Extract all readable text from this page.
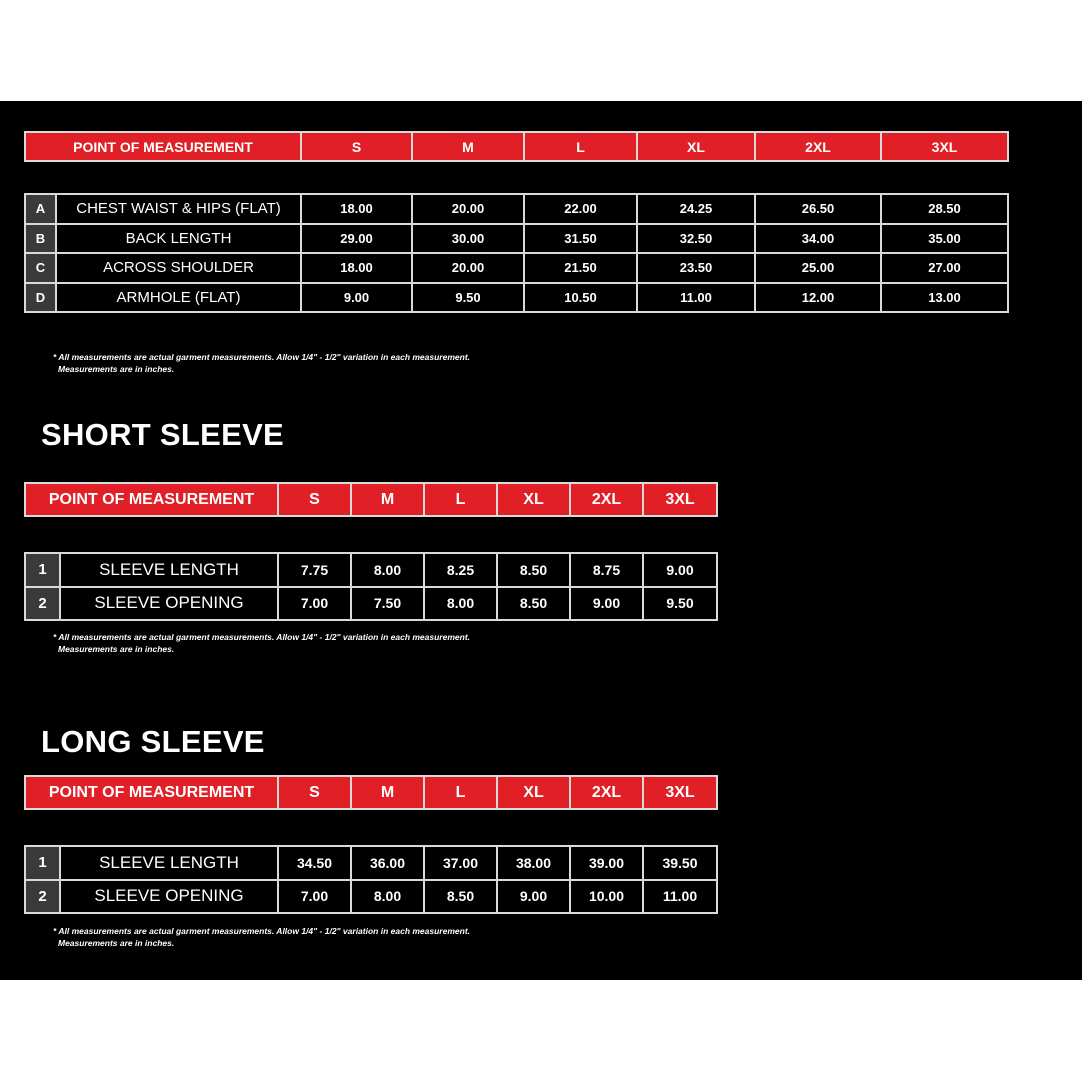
POINT OF MEASUREMENT	S	M	L	XL	2XL	3XL
A	CHEST WAIST & HIPS (FLAT)	18.00	20.00	22.00	24.25	26.50	28.50
B	BACK LENGTH	29.00	30.00	31.50	32.50	34.00	35.00
C	ACROSS SHOULDER	18.00	20.00	21.50	23.50	25.00	27.00
D	ARMHOLE (FLAT)	9.00	9.50	10.50	11.00	12.00	13.00
* All measurements are actual garment measurements. Allow 1/4" - 1/2" variation in each measurement.
Measurements are in inches.
SHORT SLEEVE
POINT OF MEASUREMENT	S	M	L	XL	2XL	3XL
1	SLEEVE LENGTH	7.75	8.00	8.25	8.50	8.75	9.00
2	SLEEVE OPENING	7.00	7.50	8.00	8.50	9.00	9.50
* All measurements are actual garment measurements. Allow 1/4" - 1/2" variation in each measurement.
Measurements are in inches.
LONG SLEEVE
POINT OF MEASUREMENT	S	M	L	XL	2XL	3XL
1	SLEEVE LENGTH	34.50	36.00	37.00	38.00	39.00	39.50
2	SLEEVE OPENING	7.00	8.00	8.50	9.00	10.00	11.00
* All measurements are actual garment measurements. Allow 1/4" - 1/2" variation in each measurement.
Measurements are in inches.
